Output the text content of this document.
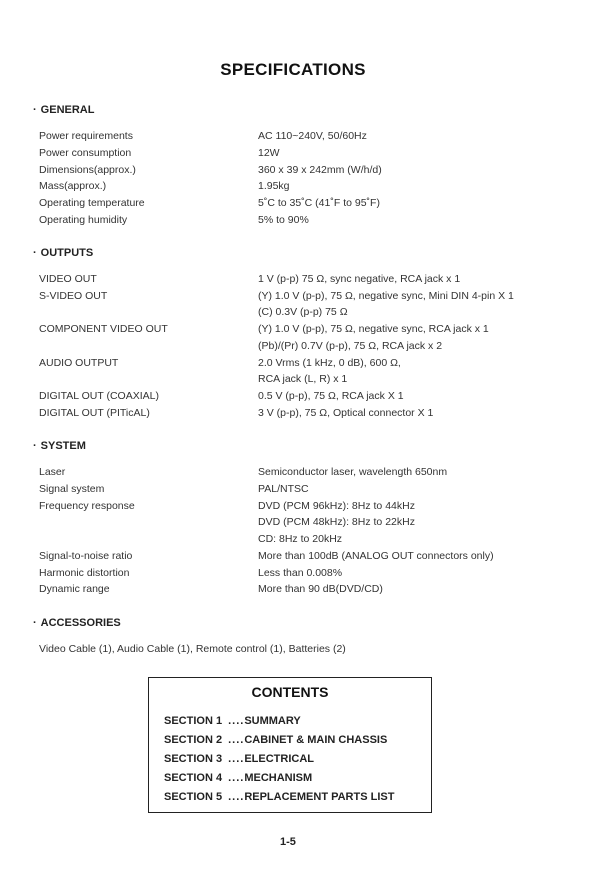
SPECIFICATIONS
· GENERAL
Power requirements	AC 110~240V, 50/60Hz
Power consumption	12W
Dimensions(approx.)	360 x 39 x 242mm (W/h/d)
Mass(approx.)	1.95kg
Operating temperature	5˚C to 35˚C (41˚F to 95˚F)
Operating humidity	5% to 90%
· OUTPUTS
VIDEO OUT	1 V (p-p) 75 Ω, sync negative, RCA jack x 1
S-VIDEO OUT	(Y) 1.0 V (p-p), 75 Ω, negative sync, Mini DIN 4-pin X 1
(C) 0.3V (p-p) 75 Ω
COMPONENT VIDEO OUT	(Y) 1.0 V (p-p), 75 Ω, negative sync, RCA jack x 1
(Pb)/(Pr) 0.7V (p-p), 75 Ω, RCA jack x 2
AUDIO OUTPUT	2.0 Vrms (1 kHz, 0 dB), 600 Ω,
RCA jack (L, R) x 1
DIGITAL OUT (COAXIAL)	0.5 V (p-p), 75 Ω, RCA jack X 1
DIGITAL OUT (PITicAL)	3 V (p-p), 75 Ω, Optical connector X 1
· SYSTEM
Laser	Semiconductor laser, wavelength 650nm
Signal system	PAL/NTSC
Frequency response	DVD (PCM 96kHz): 8Hz to 44kHz
DVD (PCM 48kHz): 8Hz to 22kHz
CD: 8Hz to 20kHz
Signal-to-noise ratio	More than 100dB (ANALOG OUT connectors only)
Harmonic distortion	Less than 0.008%
Dynamic range	More than 90 dB(DVD/CD)
· ACCESSORIES
Video Cable (1), Audio Cable (1), Remote control (1), Batteries (2)
CONTENTS
SECTION 1 ....SUMMARY
SECTION 2 ....CABINET & MAIN CHASSIS
SECTION 3 ....ELECTRICAL
SECTION 4 ....MECHANISM
SECTION 5 ....REPLACEMENT PARTS LIST
1-5
